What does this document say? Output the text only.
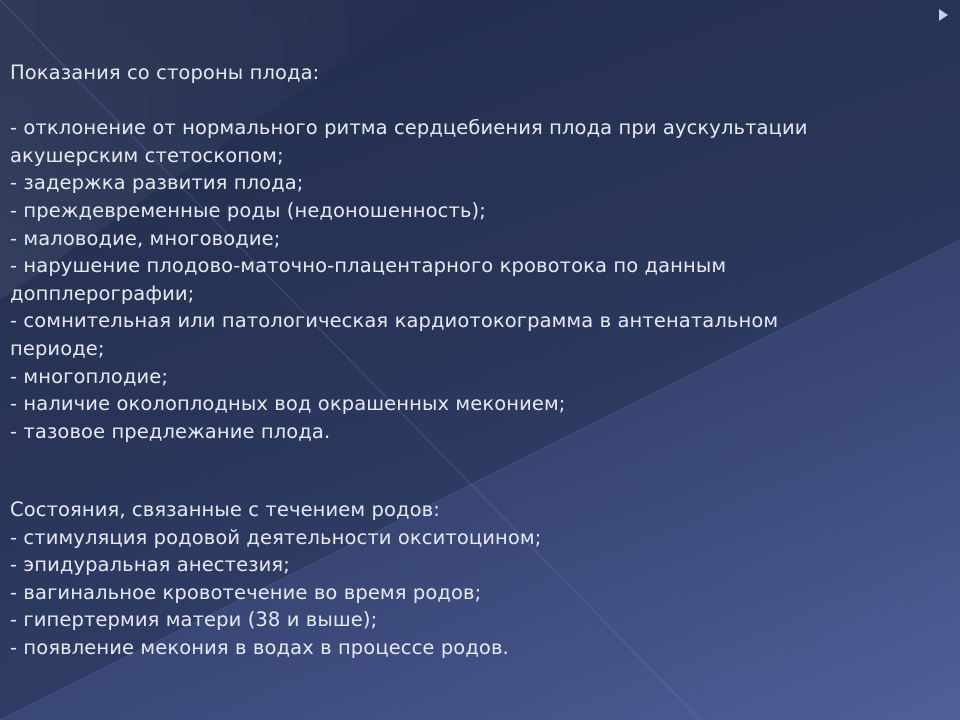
Показания со стороны плода:
- отклонение от нормального ритма сердцебиения плода при аускультации
акушерским стетоскопом;
- задержка развития плода;
- преждевременные роды (недоношенность);
- маловодие, многоводие;
- нарушение плодово-маточно-плацентарного кровотока по данным
допплерографии;
- сомнительная или патологическая кардиотокограмма в антенатальном
периоде;
- многоплодие;
- наличие околоплодных вод окрашенных меконием;
- тазовое предлежание плода.
Состояния, связанные с течением родов:
- стимуляция родовой деятельности окситоцином;
- эпидуральная анестезия;
- вагинальное кровотечение во время родов;
- гипертермия матери (38 и выше);
- появление мекония в водах в процессе родов.
